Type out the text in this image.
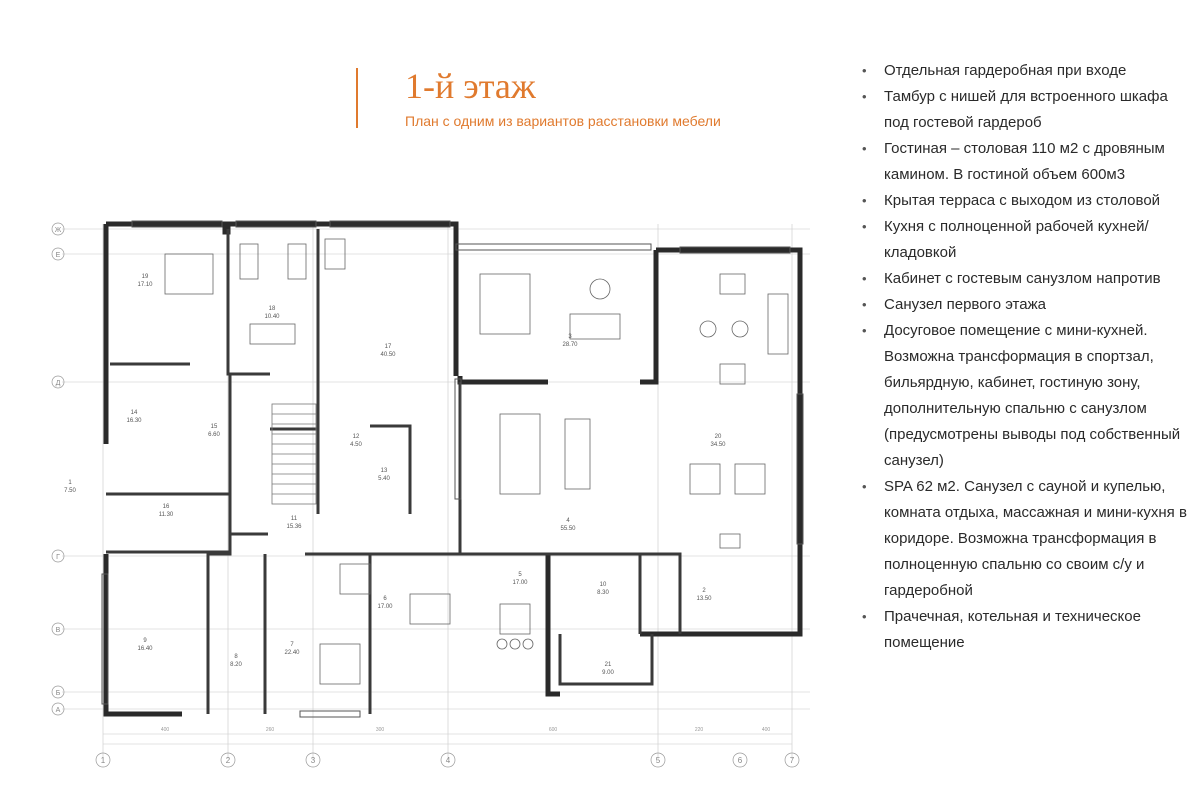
1-й этаж
План с одним из вариантов расстановки мебели
1
7.50
2
13.50
3
28.70
4
55.50
5
17.00
6
17.00
7
22.40
8
8.20
9
16.40
10
8.30
11
15.36
12
4.50
13
5.40
14
16.30
15
6.60
16
11.30
17
40.50
18
10.40
19
17.10
20
34.50
21
9.00
Ж
Е
Д
Г
В
Б
А
1	2	3	4	5	6	7
400	260	300	600	220	400
• Отдельная гардеробная при входе
• Тамбур с нишей для встроенного шкафа под гостевой гардероб
• Гостиная – столовая 110 м2 с дровяным камином. В гостиной объем 600м3
• Крытая терраса с выходом из столовой
• Кухня с полноценной рабочей кухней/кладовкой
• Кабинет с гостевым санузлом напротив
• Санузел первого этажа
• Досуговое помещение с мини-кухней. Возможна трансформация в спортзал, бильярдную, кабинет, гостиную зону, дополнительную спальню с санузлом (предусмотрены выводы под собственный санузел)
• SPA 62 м2. Санузел с сауной и купелью, комната отдыха, массажная и мини-кухня в коридоре. Возможна трансформация в полноценную спальню со своим с/у и гардеробной
• Прачечная, котельная и техническое помещение
